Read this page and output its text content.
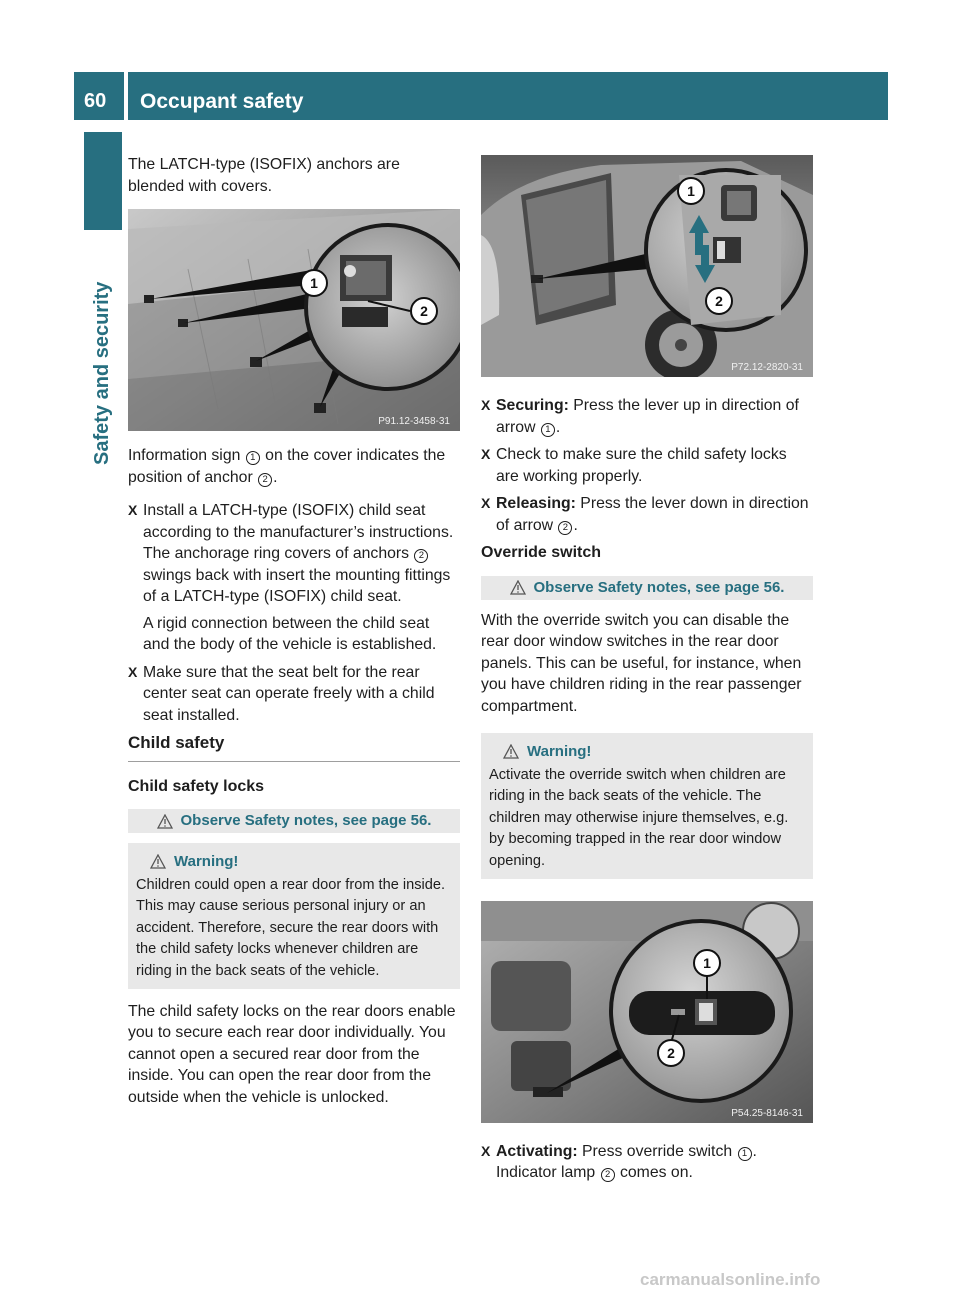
60 Occupant safety
Safety and security

The LATCH-type (ISOFIX) anchors are blended with covers.

1
2
P91.12-3458-31

Information sign 1 on the cover indicates the position of anchor 2 .

X Install a LATCH-type (ISOFIX) child seat according to the manufacturer’s instructions.

The anchorage ring covers of anchors 2 swings back with insert the mounting fittings of a LATCH-type (ISOFIX) child seat.

A rigid connection between the child seat and the body of the vehicle is established.

X Make sure that the seat belt for the rear center seat can operate freely with a child seat installed.

Child safety
Child safety locks
Observe Safety notes, see page 56.
Warning!

Children could open a rear door from the inside. This may cause serious personal injury or an accident. Therefore, secure the rear doors with the child safety locks whenever children are riding in the back seats of the vehicle.

The child safety locks on the rear doors enable you to secure each rear door individually. You cannot open a secured rear door from the inside. You can open the rear door from the outside when the vehicle is unlocked.

1
2
P72.12-2820-31
X Securing: Press the lever up in direction of arrow 1 .

X Check to make sure the child safety locks are working properly.

X Releasing: Press the lever down in direction of arrow 2 .

Override switch
Observe Safety notes, see page 56.

With the override switch you can disable the rear door window switches in the rear door panels. This can be useful, for instance, when you have children riding in the rear passenger compartment.

Warning!

Activate the override switch when children are riding in the back seats of the vehicle. The children may otherwise injure themselves, e.g. by becoming trapped in the rear door window opening.

1
2
P54.25-8146-31
X Activating: Press override switch 1 .

Indicator lamp 2 comes on.

carmanualsonline.info
